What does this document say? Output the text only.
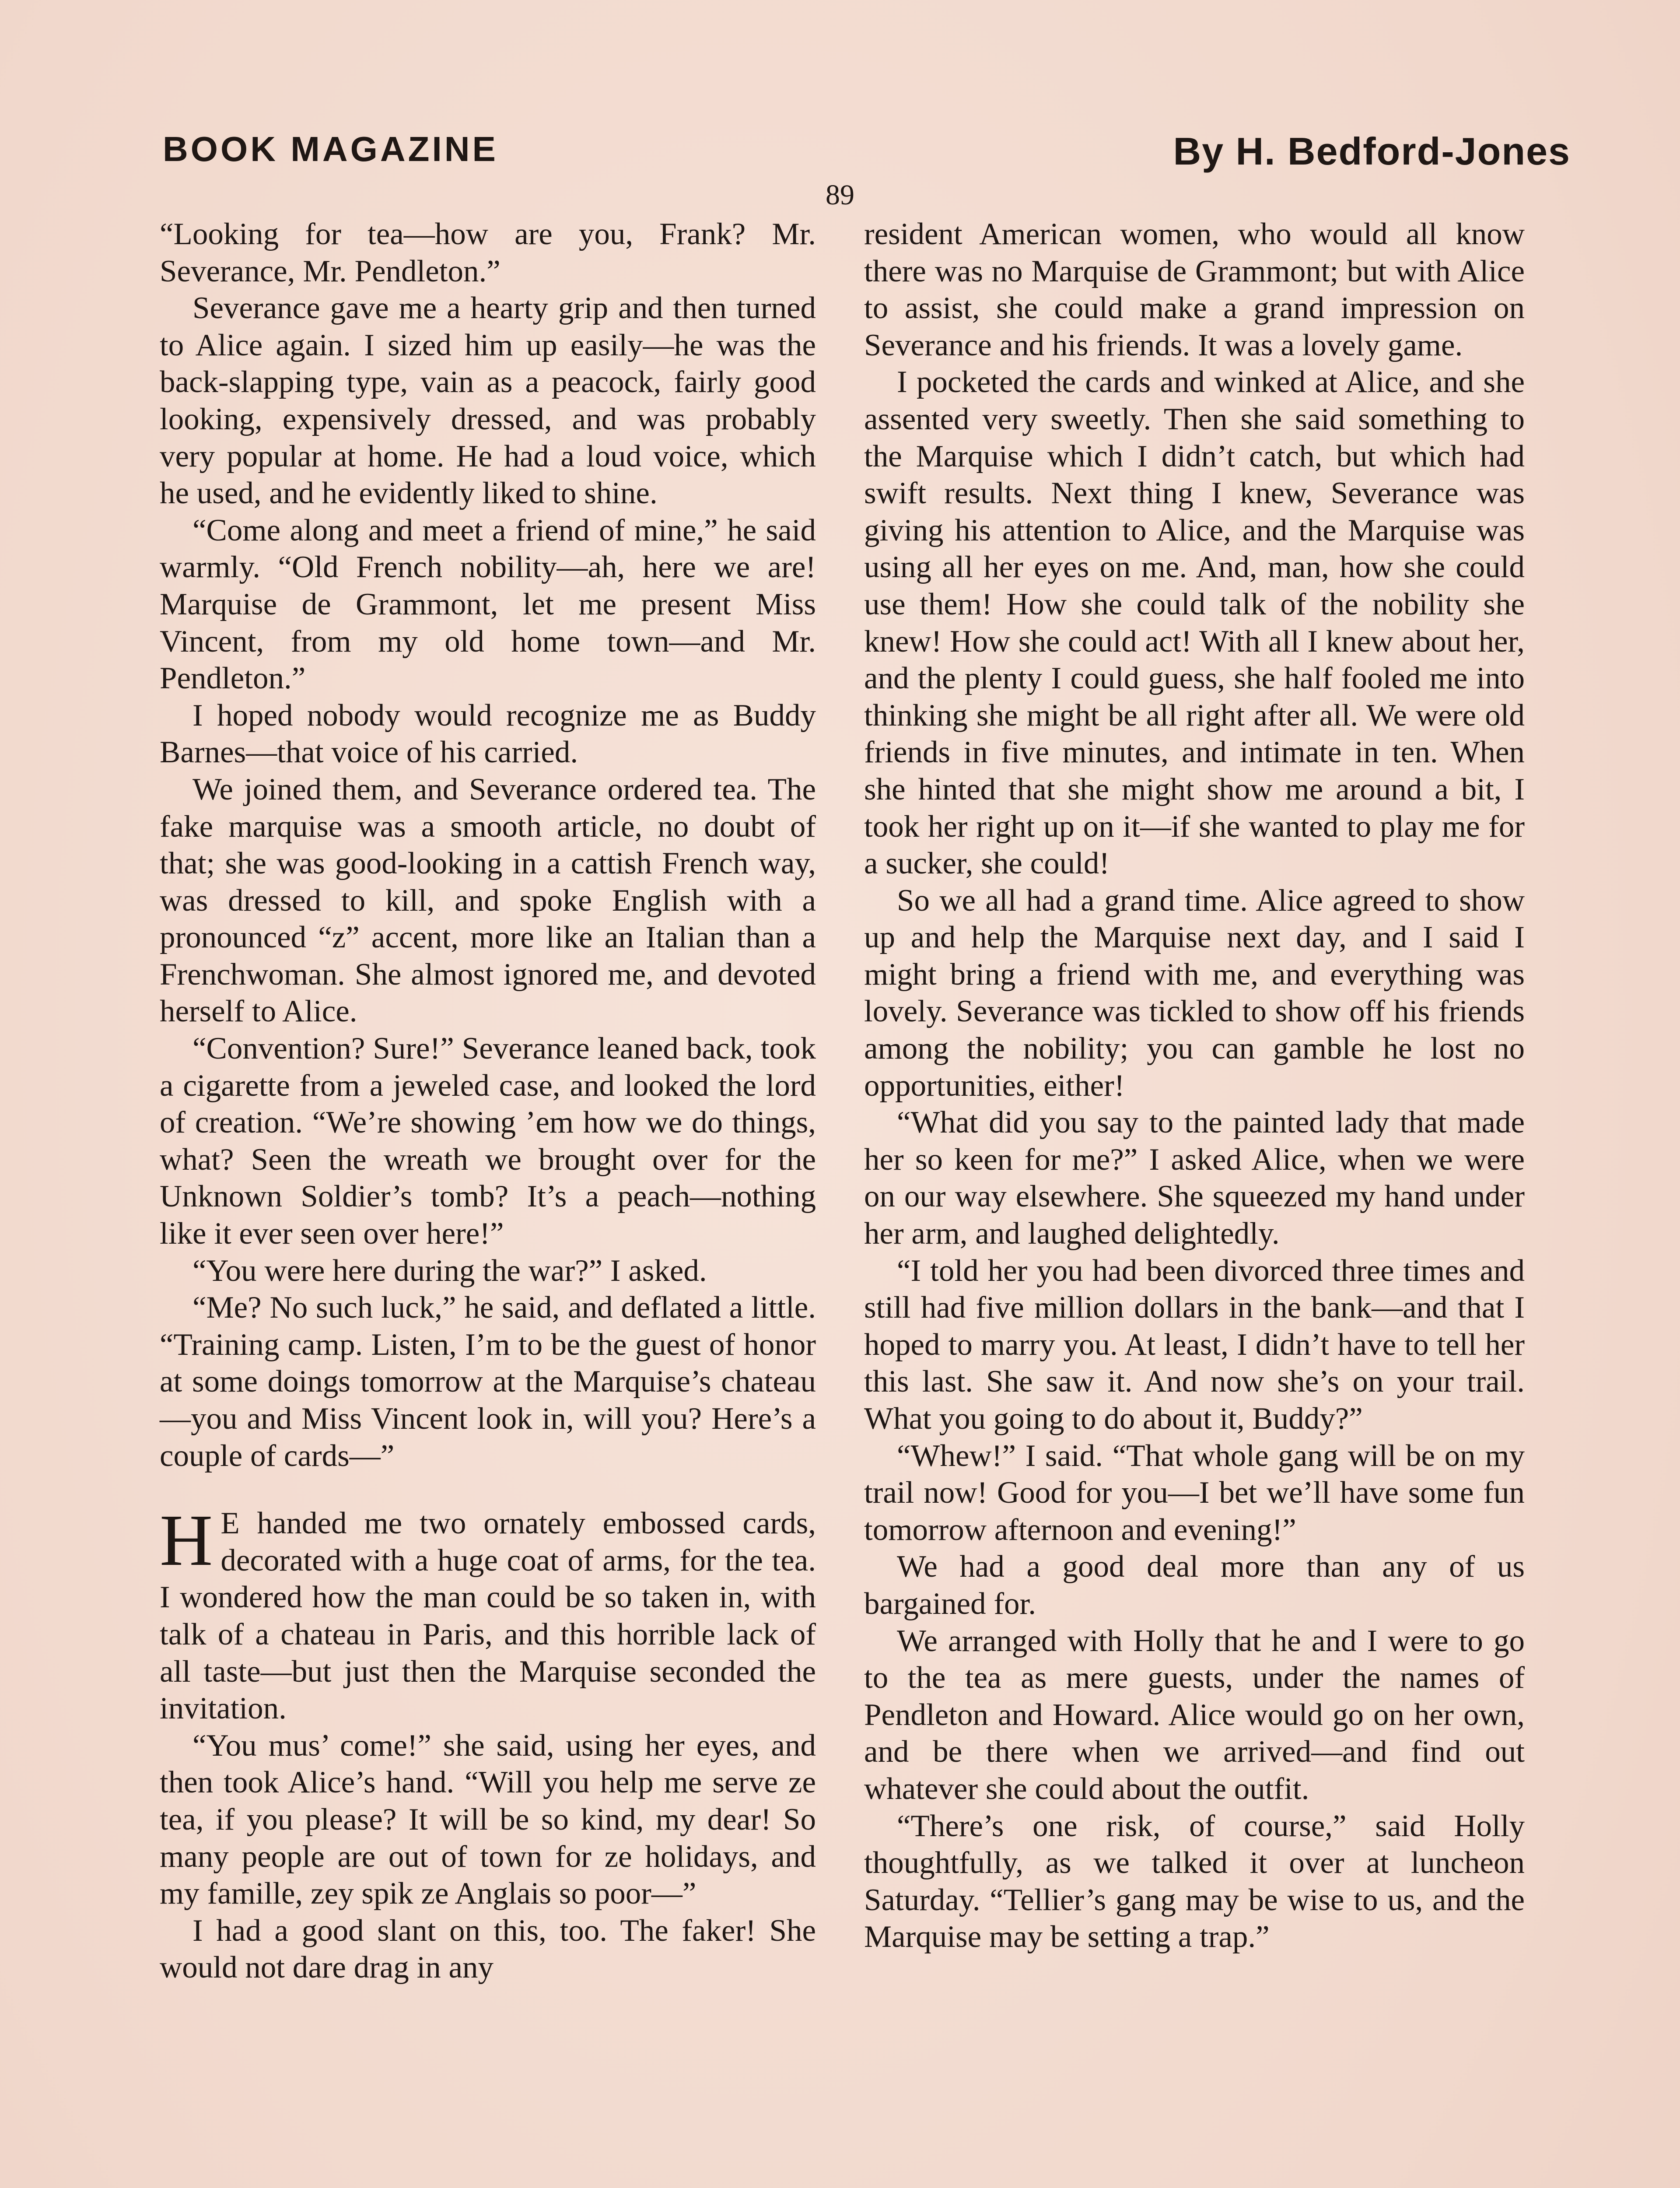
BOOK MAGAZINE	By H. Bedford-Jones
89

“Looking for tea—how are you, Frank? Mr. Severance, Mr. Pendleton.”

Severance gave me a hearty grip and then turned to Alice again. I sized him up easily—he was the back-slapping type, vain as a peacock, fairly good looking, expensively dressed, and was probably very popular at home. He had a loud voice, which he used, and he evidently liked to shine.

“Come along and meet a friend of mine,” he said warmly. “Old French nobility—ah, here we are! Marquise de Grammont, let me present Miss Vincent, from my old home town—and Mr. Pendleton.”

I hoped nobody would recognize me as Buddy Barnes—that voice of his carried.

We joined them, and Severance ordered tea. The fake marquise was a smooth article, no doubt of that; she was good-looking in a cattish French way, was dressed to kill, and spoke English with a pronounced “z” accent, more like an Italian than a Frenchwoman. She almost ignored me, and devoted herself to Alice.

“Convention? Sure!” Severance leaned back, took a cigarette from a jeweled case, and looked the lord of creation. “We’re showing ’em how we do things, what? Seen the wreath we brought over for the Unknown Soldier’s tomb? It’s a peach—nothing like it ever seen over here!”

“You were here during the war?” I asked.

“Me? No such luck,” he said, and deflated a little. “Training camp. Listen, I’m to be the guest of honor at some doings tomorrow at the Marquise’s chateau—you and Miss Vincent look in, will you? Here’s a couple of cards—”

H E handed me two ornately embossed cards, decorated with a huge coat of arms, for the tea. I wondered how the man could be so taken in, with talk of a chateau in Paris, and this horrible lack of all taste—but just then the Marquise seconded the invitation.

“You mus’ come!” she said, using her eyes, and then took Alice’s hand. “Will you help me serve ze tea, if you please? It will be so kind, my dear! So many people are out of town for ze holidays, and my famille, zey spik ze Anglais so poor—”

I had a good slant on this, too. The faker! She would not dare drag in any

resident American women, who would all know there was no Marquise de Grammont; but with Alice to assist, she could make a grand impression on Severance and his friends. It was a lovely game.

I pocketed the cards and winked at Alice, and she assented very sweetly. Then she said something to the Marquise which I didn’t catch, but which had swift results. Next thing I knew, Severance was giving his attention to Alice, and the Marquise was using all her eyes on me. And, man, how she could use them! How she could talk of the nobility she knew! How she could act! With all I knew about her, and the plenty I could guess, she half fooled me into thinking she might be all right after all. We were old friends in five minutes, and intimate in ten. When she hinted that she might show me around a bit, I took her right up on it—if she wanted to play me for a sucker, she could!

So we all had a grand time. Alice agreed to show up and help the Marquise next day, and I said I might bring a friend with me, and everything was lovely. Severance was tickled to show off his friends among the nobility; you can gamble he lost no opportunities, either!

“What did you say to the painted lady that made her so keen for me?” I asked Alice, when we were on our way elsewhere. She squeezed my hand under her arm, and laughed delightedly.

“I told her you had been divorced three times and still had five million dollars in the bank—and that I hoped to marry you. At least, I didn’t have to tell her this last. She saw it. And now she’s on your trail. What you going to do about it, Buddy?”

“Whew!” I said. “That whole gang will be on my trail now! Good for you—I bet we’ll have some fun tomorrow afternoon and evening!”

We had a good deal more than any of us bargained for.

We arranged with Holly that he and I were to go to the tea as mere guests, under the names of Pendleton and Howard. Alice would go on her own, and be there when we arrived—and find out whatever she could about the outfit.

“There’s one risk, of course,” said Holly thoughtfully, as we talked it over at luncheon Saturday. “Tellier’s gang may be wise to us, and the Marquise may be setting a trap.”
